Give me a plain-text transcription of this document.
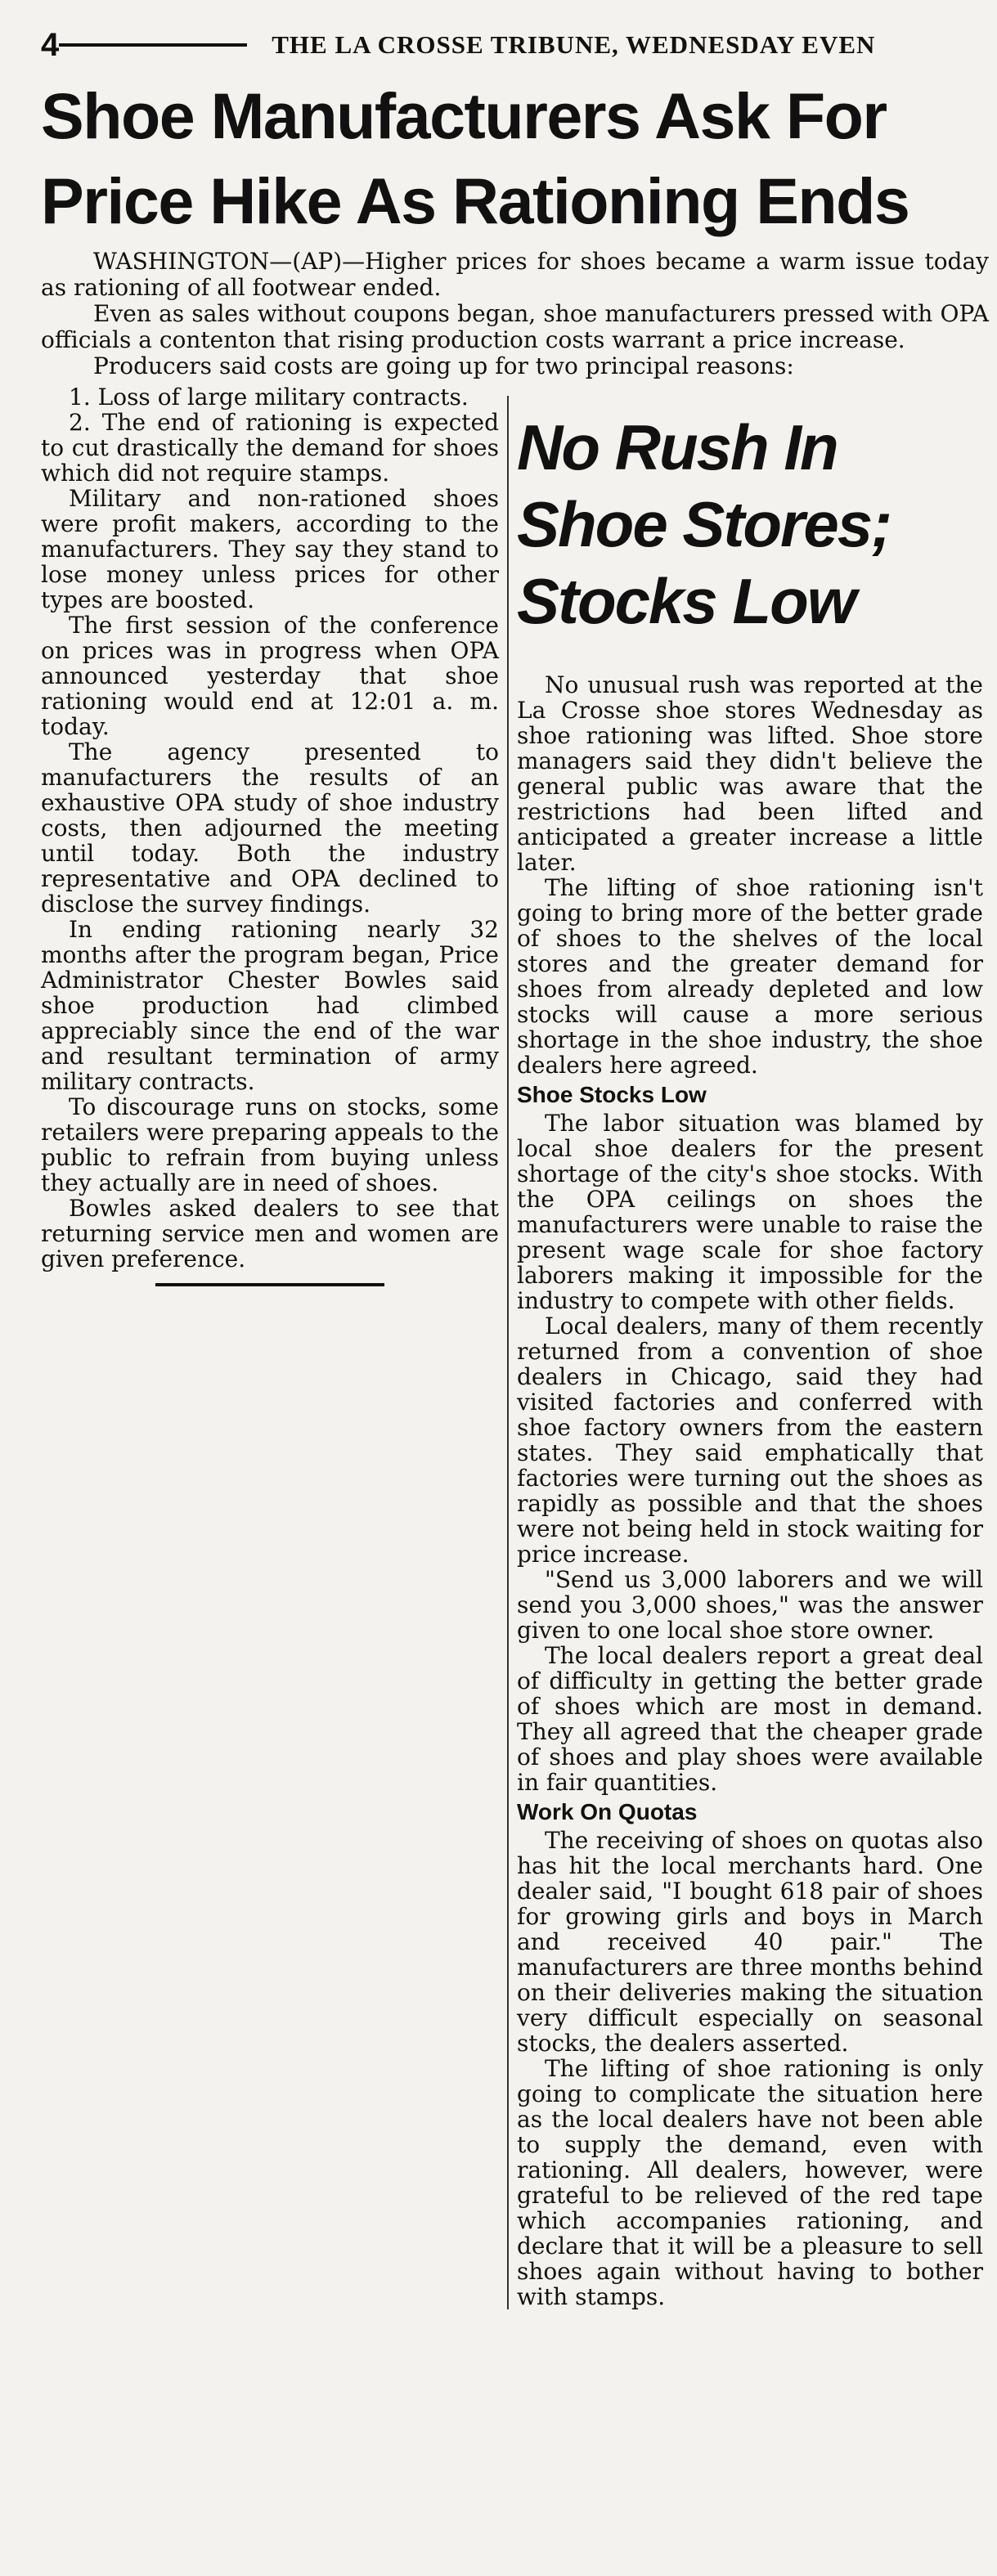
4	THE LA CROSSE TRIBUNE, WEDNESDAY EVEN
Shoe Manufacturers Ask For
Price Hike As Rationing Ends

WASHINGTON—(AP)—Higher prices for shoes became a warm issue today as rationing of all footwear ended.

Even as sales without coupons began, shoe manufacturers pressed with OPA officials a contenton that rising production costs warrant a price increase.

Producers said costs are going up for two principal reasons:

1. Loss of large military contracts.

2. The end of rationing is expected to cut drastically the demand for shoes which did not require stamps.

Military and non-rationed shoes were profit makers, according to the manufacturers. They say they stand to lose money unless prices for other types are boosted.

The first session of the conference on prices was in progress when OPA announced yesterday that shoe rationing would end at 12:01 a. m. today.

The agency presented to manufacturers the results of an exhaustive OPA study of shoe industry costs, then adjourned the meeting until today. Both the industry representative and OPA declined to disclose the survey findings.

In ending rationing nearly 32 months after the program began, Price Administrator Chester Bowles said shoe production had climbed appreciably since the end of the war and resultant termination of army military contracts.

To discourage runs on stocks, some retailers were preparing appeals to the public to refrain from buying unless they actually are in need of shoes.

Bowles asked dealers to see that returning service men and women are given preference.

No Rush In
Shoe Stores;
Stocks Low

No unusual rush was reported at the La Crosse shoe stores Wednesday as shoe rationing was lifted. Shoe store managers said they didn't believe the general public was aware that the restrictions had been lifted and anticipated a greater increase a little later.

The lifting of shoe rationing isn't going to bring more of the better grade of shoes to the shelves of the local stores and the greater demand for shoes from already depleted and low stocks will cause a more serious shortage in the shoe industry, the shoe dealers here agreed.

Shoe Stocks Low

The labor situation was blamed by local shoe dealers for the present shortage of the city's shoe stocks. With the OPA ceilings on shoes the manufacturers were unable to raise the present wage scale for shoe factory laborers making it impossible for the industry to compete with other fields.

Local dealers, many of them recently returned from a convention of shoe dealers in Chicago, said they had visited factories and conferred with shoe factory owners from the eastern states. They said emphatically that factories were turning out the shoes as rapidly as possible and that the shoes were not being held in stock waiting for price increase.

"Send us 3,000 laborers and we will send you 3,000 shoes," was the answer given to one local shoe store owner.

The local dealers report a great deal of difficulty in getting the better grade of shoes which are most in demand. They all agreed that the cheaper grade of shoes and play shoes were available in fair quantities.

Work On Quotas

The receiving of shoes on quotas also has hit the local merchants hard. One dealer said, "I bought 618 pair of shoes for growing girls and boys in March and received 40 pair." The manufacturers are three months behind on their deliveries making the situation very difficult especially on seasonal stocks, the dealers asserted.

The lifting of shoe rationing is only going to complicate the situation here as the local dealers have not been able to supply the demand, even with rationing. All dealers, however, were grateful to be relieved of the red tape which accompanies rationing, and declare that it will be a pleasure to sell shoes again without having to bother with stamps.
